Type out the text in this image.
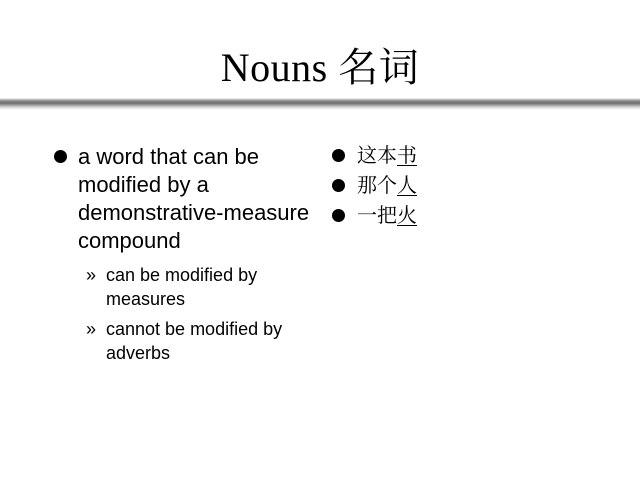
Nouns 名词
a word that can be modified by a demonstrative-measure compound
» can be modified by measures
» cannot be modified by adverbs
这本书
那个人
一把火
